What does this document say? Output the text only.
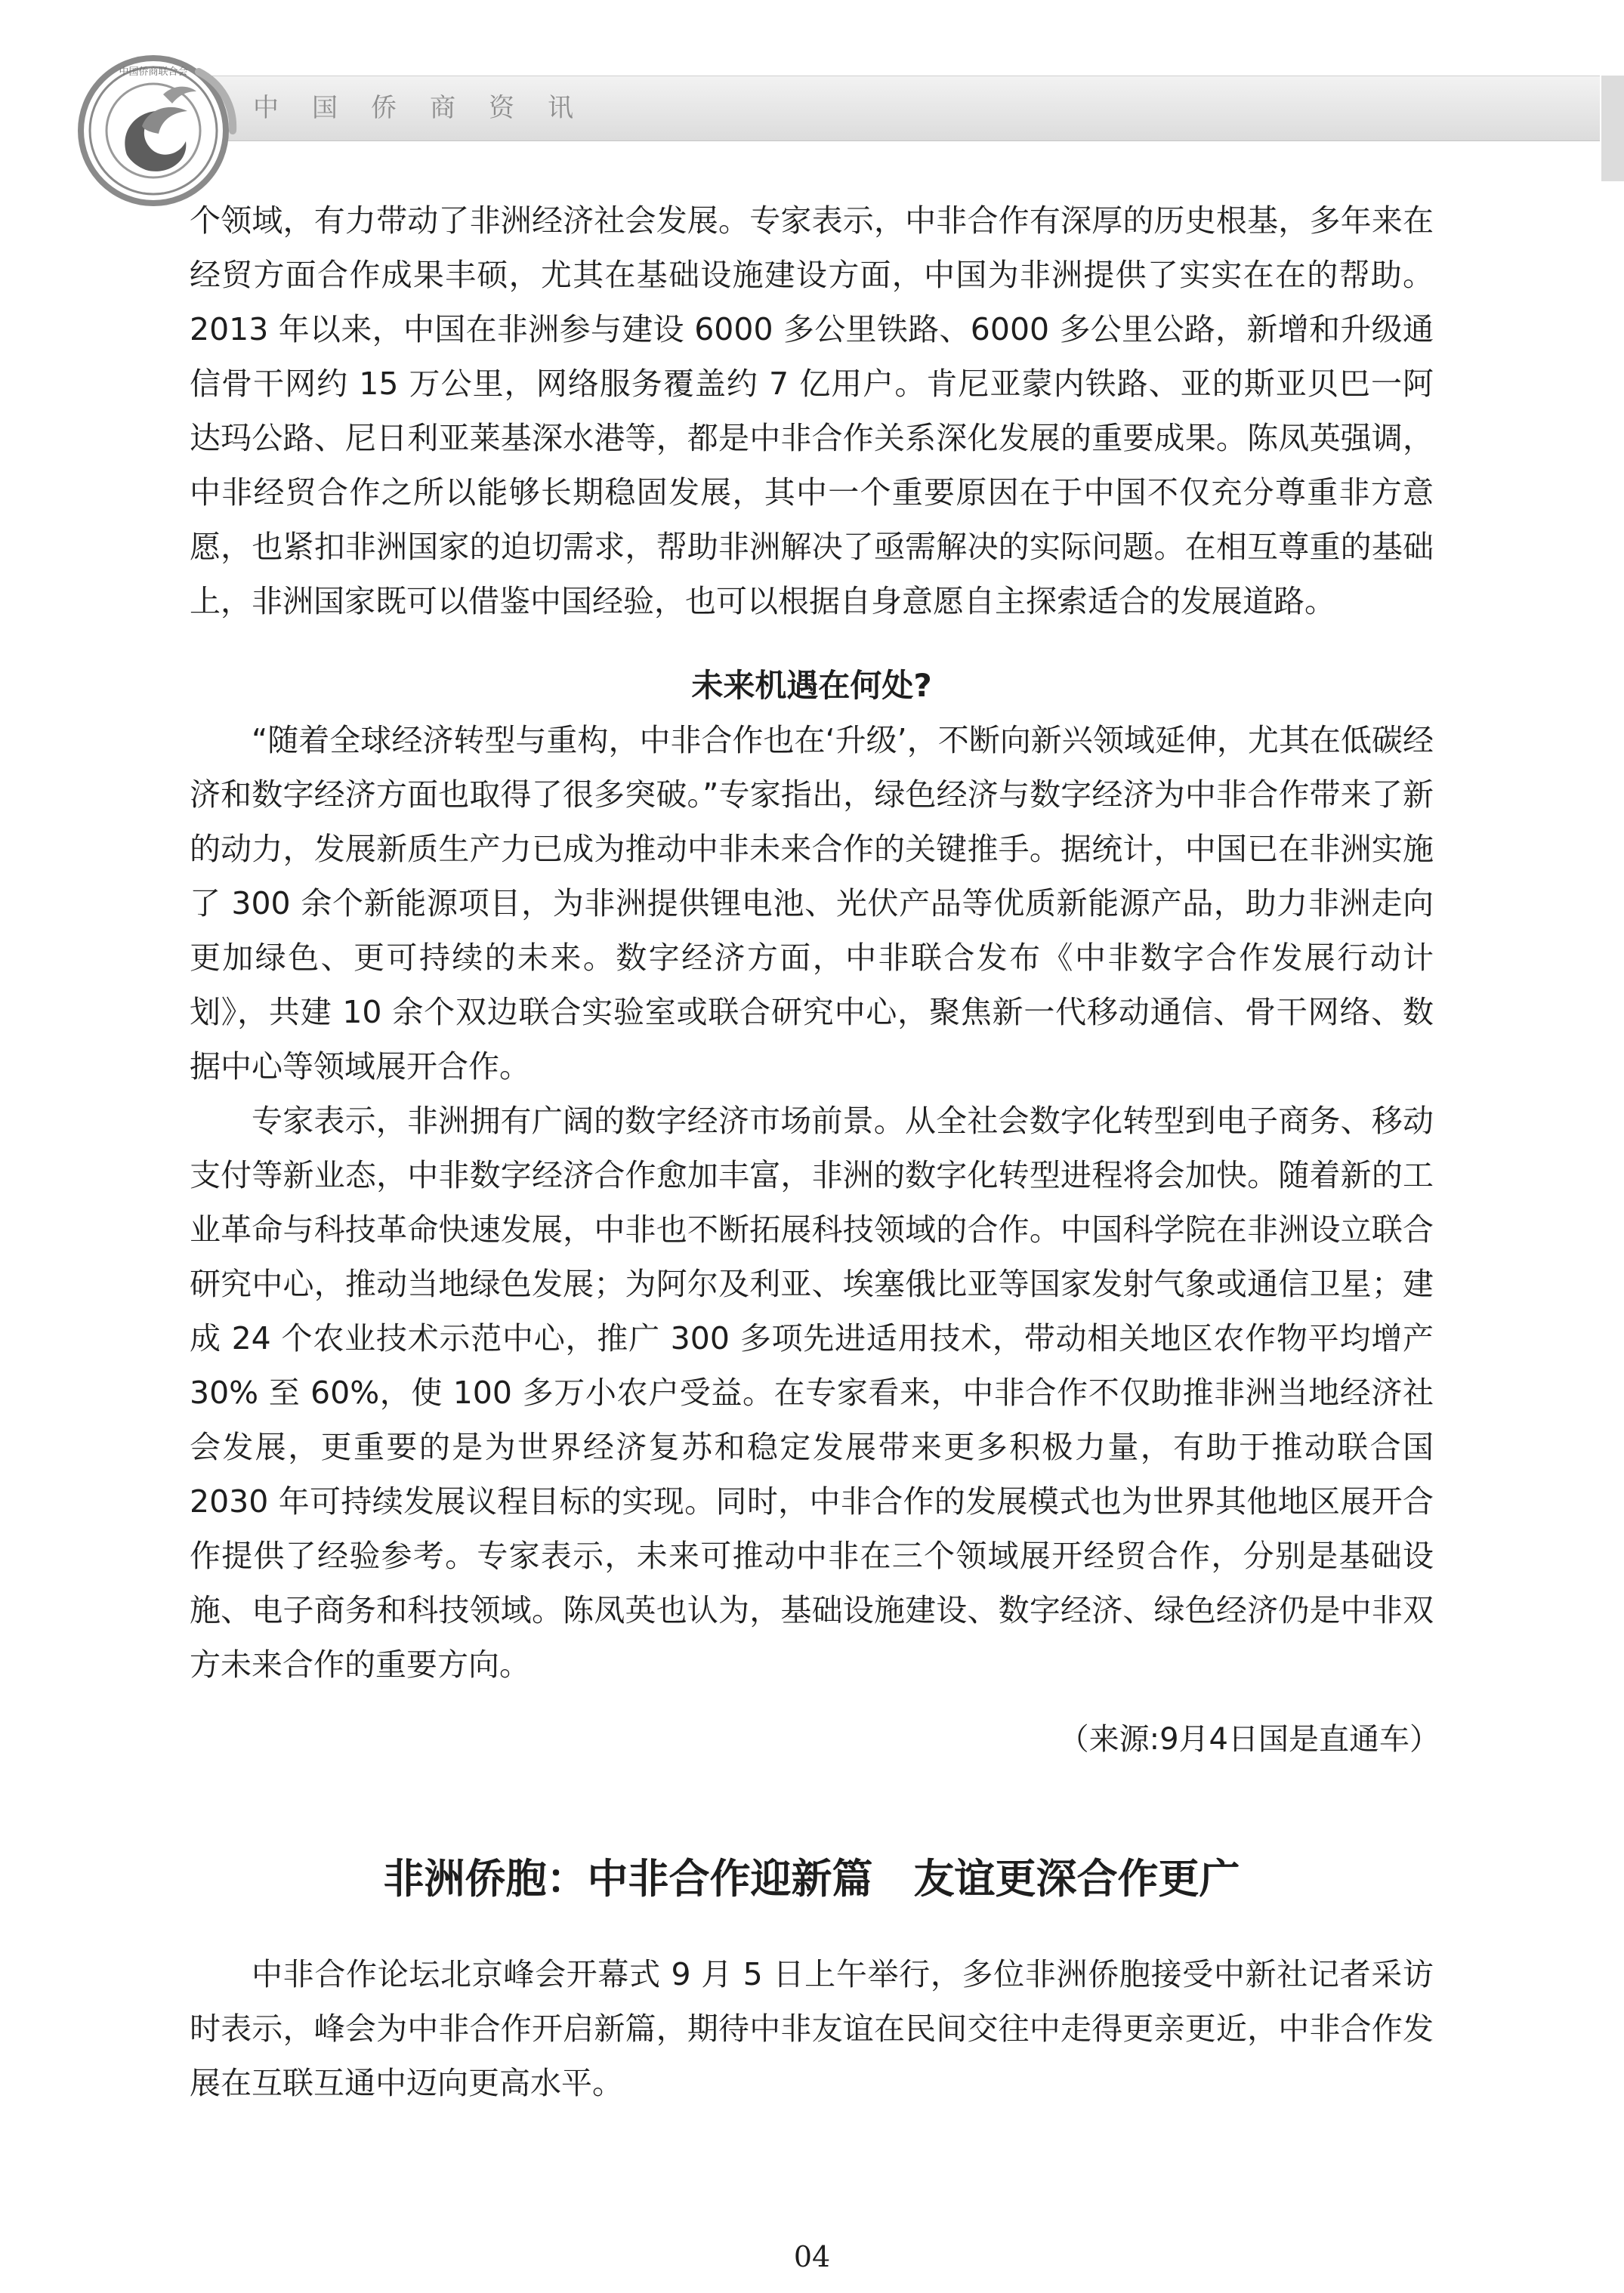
中国侨商资讯
中国侨商联合会

个领域，有力带动了非洲经济社会发展。专家表示，中非合作有深厚的历史根基，多年来在经贸方面合作成果丰硕，尤其在基础设施建设方面，中国为非洲提供了实实在在的帮助。2013 年以来，中国在非洲参与建设 6000 多公里铁路、6000 多公里公路，新增和升级通信骨干网约 15 万公里，网络服务覆盖约 7 亿用户。肯尼亚蒙内铁路、亚的斯亚贝巴一阿达玛公路、尼日利亚莱基深水港等，都是中非合作关系深化发展的重要成果。陈凤英强调，中非经贸合作之所以能够长期稳固发展，其中一个重要原因在于中国不仅充分尊重非方意愿，也紧扣非洲国家的迫切需求，帮助非洲解决了亟需解决的实际问题。在相互尊重的基础上，非洲国家既可以借鉴中国经验，也可以根据自身意愿自主探索适合的发展道路。

未来机遇在何处?

“随着全球经济转型与重构，中非合作也在‘升级’，不断向新兴领域延伸，尤其在低碳经济和数字经济方面也取得了很多突破。”专家指出，绿色经济与数字经济为中非合作带来了新的动力，发展新质生产力已成为推动中非未来合作的关键推手。据统计，中国已在非洲实施了 300 余个新能源项目，为非洲提供锂电池、光伏产品等优质新能源产品，助力非洲走向更加绿色、更可持续的未来。数字经济方面，中非联合发布《中非数字合作发展行动计划》，共建 10 余个双边联合实验室或联合研究中心，聚焦新一代移动通信、骨干网络、数据中心等领域展开合作。

专家表示，非洲拥有广阔的数字经济市场前景。从全社会数字化转型到电子商务、移动支付等新业态，中非数字经济合作愈加丰富，非洲的数字化转型进程将会加快。随着新的工业革命与科技革命快速发展，中非也不断拓展科技领域的合作。中国科学院在非洲设立联合研究中心，推动当地绿色发展；为阿尔及利亚、埃塞俄比亚等国家发射气象或通信卫星；建成 24 个农业技术示范中心，推广 300 多项先进适用技术，带动相关地区农作物平均增产 30% 至 60%，使 100 多万小农户受益。在专家看来，中非合作不仅助推非洲当地经济社会发展，更重要的是为世界经济复苏和稳定发展带来更多积极力量，有助于推动联合国 2030 年可持续发展议程目标的实现。同时，中非合作的发展模式也为世界其他地区展开合作提供了经验参考。专家表示，未来可推动中非在三个领域展开经贸合作，分别是基础设施、电子商务和科技领域。陈凤英也认为，基础设施建设、数字经济、绿色经济仍是中非双方未来合作的重要方向。

（来源:9月4日国是直通车）
非洲侨胞：中非合作迎新篇　友谊更深合作更广

中非合作论坛北京峰会开幕式 9 月 5 日上午举行，多位非洲侨胞接受中新社记者采访时表示，峰会为中非合作开启新篇，期待中非友谊在民间交往中走得更亲更近，中非合作发展在互联互通中迈向更高水平。

04
